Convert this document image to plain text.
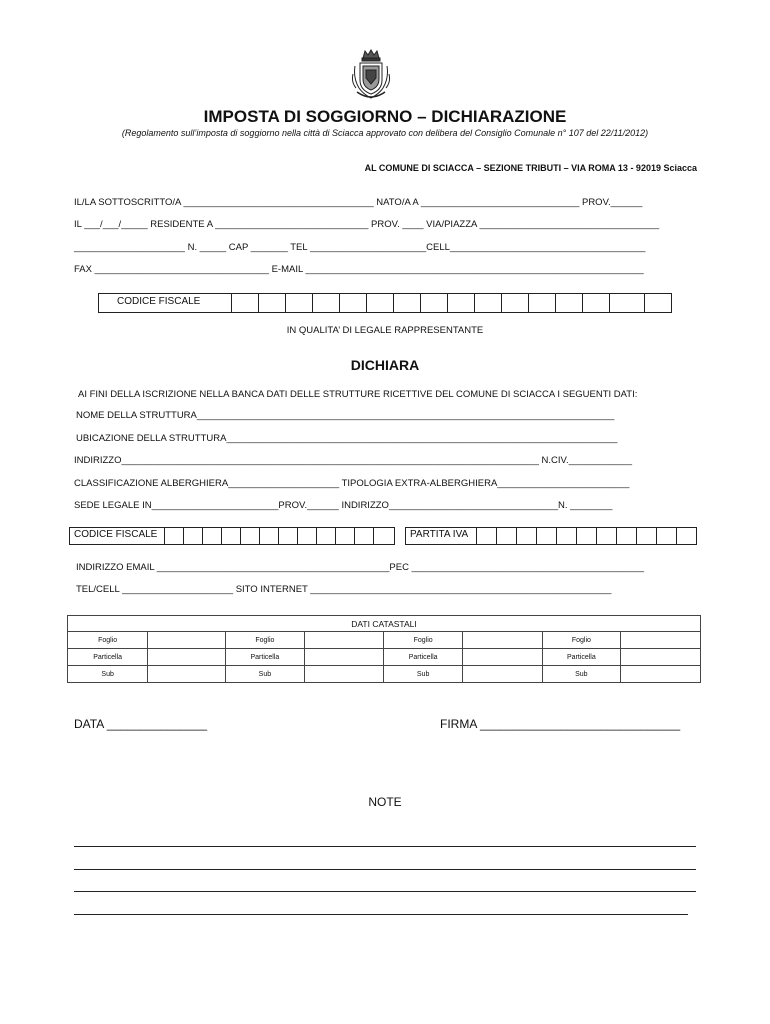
IMPOSTA DI SOGGIORNO – DICHIARAZIONE
(Regolamento sull’imposta di soggiorno nella città di Sciacca approvato con delibera del Consiglio Comunale n° 107 del 22/11/2012)
AL COMUNE DI SCIACCA – SEZIONE TRIBUTI – VIA ROMA 13 - 92019 Sciacca
IL/LA SOTTOSCRITTO/A ____________________________________ NATO/A A ______________________________ PROV.______
IL ___/___/_____ RESIDENTE A _____________________________ PROV. ____ VIA/PIAZZA __________________________________
_____________________ N. _____ CAP _______ TEL ______________________CELL_____________________________________
FAX _________________________________ E-MAIL ________________________________________________________________
CODICE FISCALE
IN QUALITA’ DI LEGALE RAPPRESENTANTE
DICHIARA
AI FINI DELLA ISCRIZIONE NELLA BANCA DATI DELLE STRUTTURE RICETTIVE DEL COMUNE DI SCIACCA I SEGUENTI DATI:
NOME DELLA STRUTTURA_______________________________________________________________________________
UBICAZIONE DELLA STRUTTURA__________________________________________________________________________
INDIRIZZO_______________________________________________________________________________ N.CIV.____________
CLASSIFICAZIONE ALBERGHIERA_____________________ TIPOLOGIA EXTRA-ALBERGHIERA_________________________
SEDE LEGALE IN________________________PROV.______ INDIRIZZO________________________________N. ________
CODICE FISCALE	PARTITA IVA
INDIRIZZO EMAIL ____________________________________________PEC ____________________________________________
TEL/CELL _____________________ SITO INTERNET _________________________________________________________
DATI CATASTALI							
Foglio		Foglio		Foglio		Foglio	
Particella		Particella		Particella		Particella	
Sub		Sub		Sub		Sub	
DATA _______________	FIRMA ______________________________
NOTE
